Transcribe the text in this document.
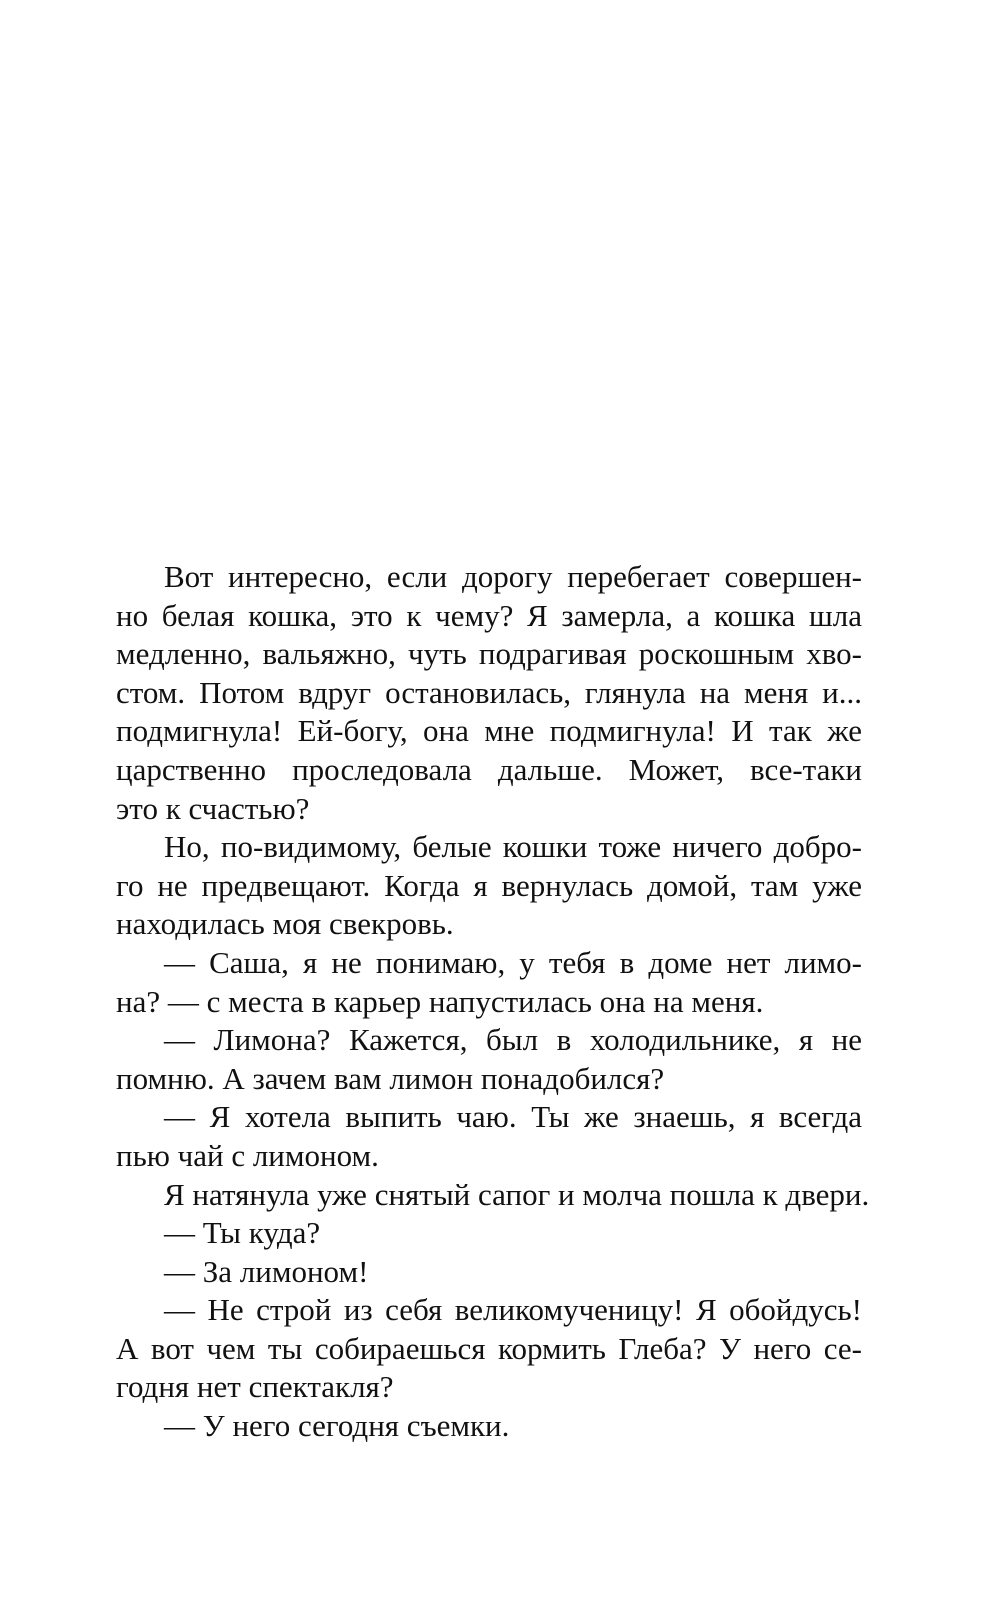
Вот интересно, если дорогу перебегает совершен-
но белая кошка, это к чему? Я замерла, а кошка шла
медленно, вальяжно, чуть подрагивая роскошным хво-
стом. Потом вдруг остановилась, глянула на меня и...
подмигнула! Ей-богу, она мне подмигнула! И так же
царственно проследовала дальше. Может, все-таки
это к счастью?
Но, по-видимому, белые кошки тоже ничего добро-
го не предвещают. Когда я вернулась домой, там уже
находилась моя свекровь.
— Саша, я не понимаю, у тебя в доме нет лимо-
на? — с места в карьер напустилась она на меня.
— Лимона? Кажется, был в холодильнике, я не
помню. А зачем вам лимон понадобился?
— Я хотела выпить чаю. Ты же знаешь, я всегда
пью чай с лимоном.
Я натянула уже снятый сапог и молча пошла к двери.
— Ты куда?
— За лимоном!
— Не строй из себя великомученицу! Я обойдусь!
А вот чем ты собираешься кормить Глеба? У него се-
годня нет спектакля?
— У него сегодня съемки.
